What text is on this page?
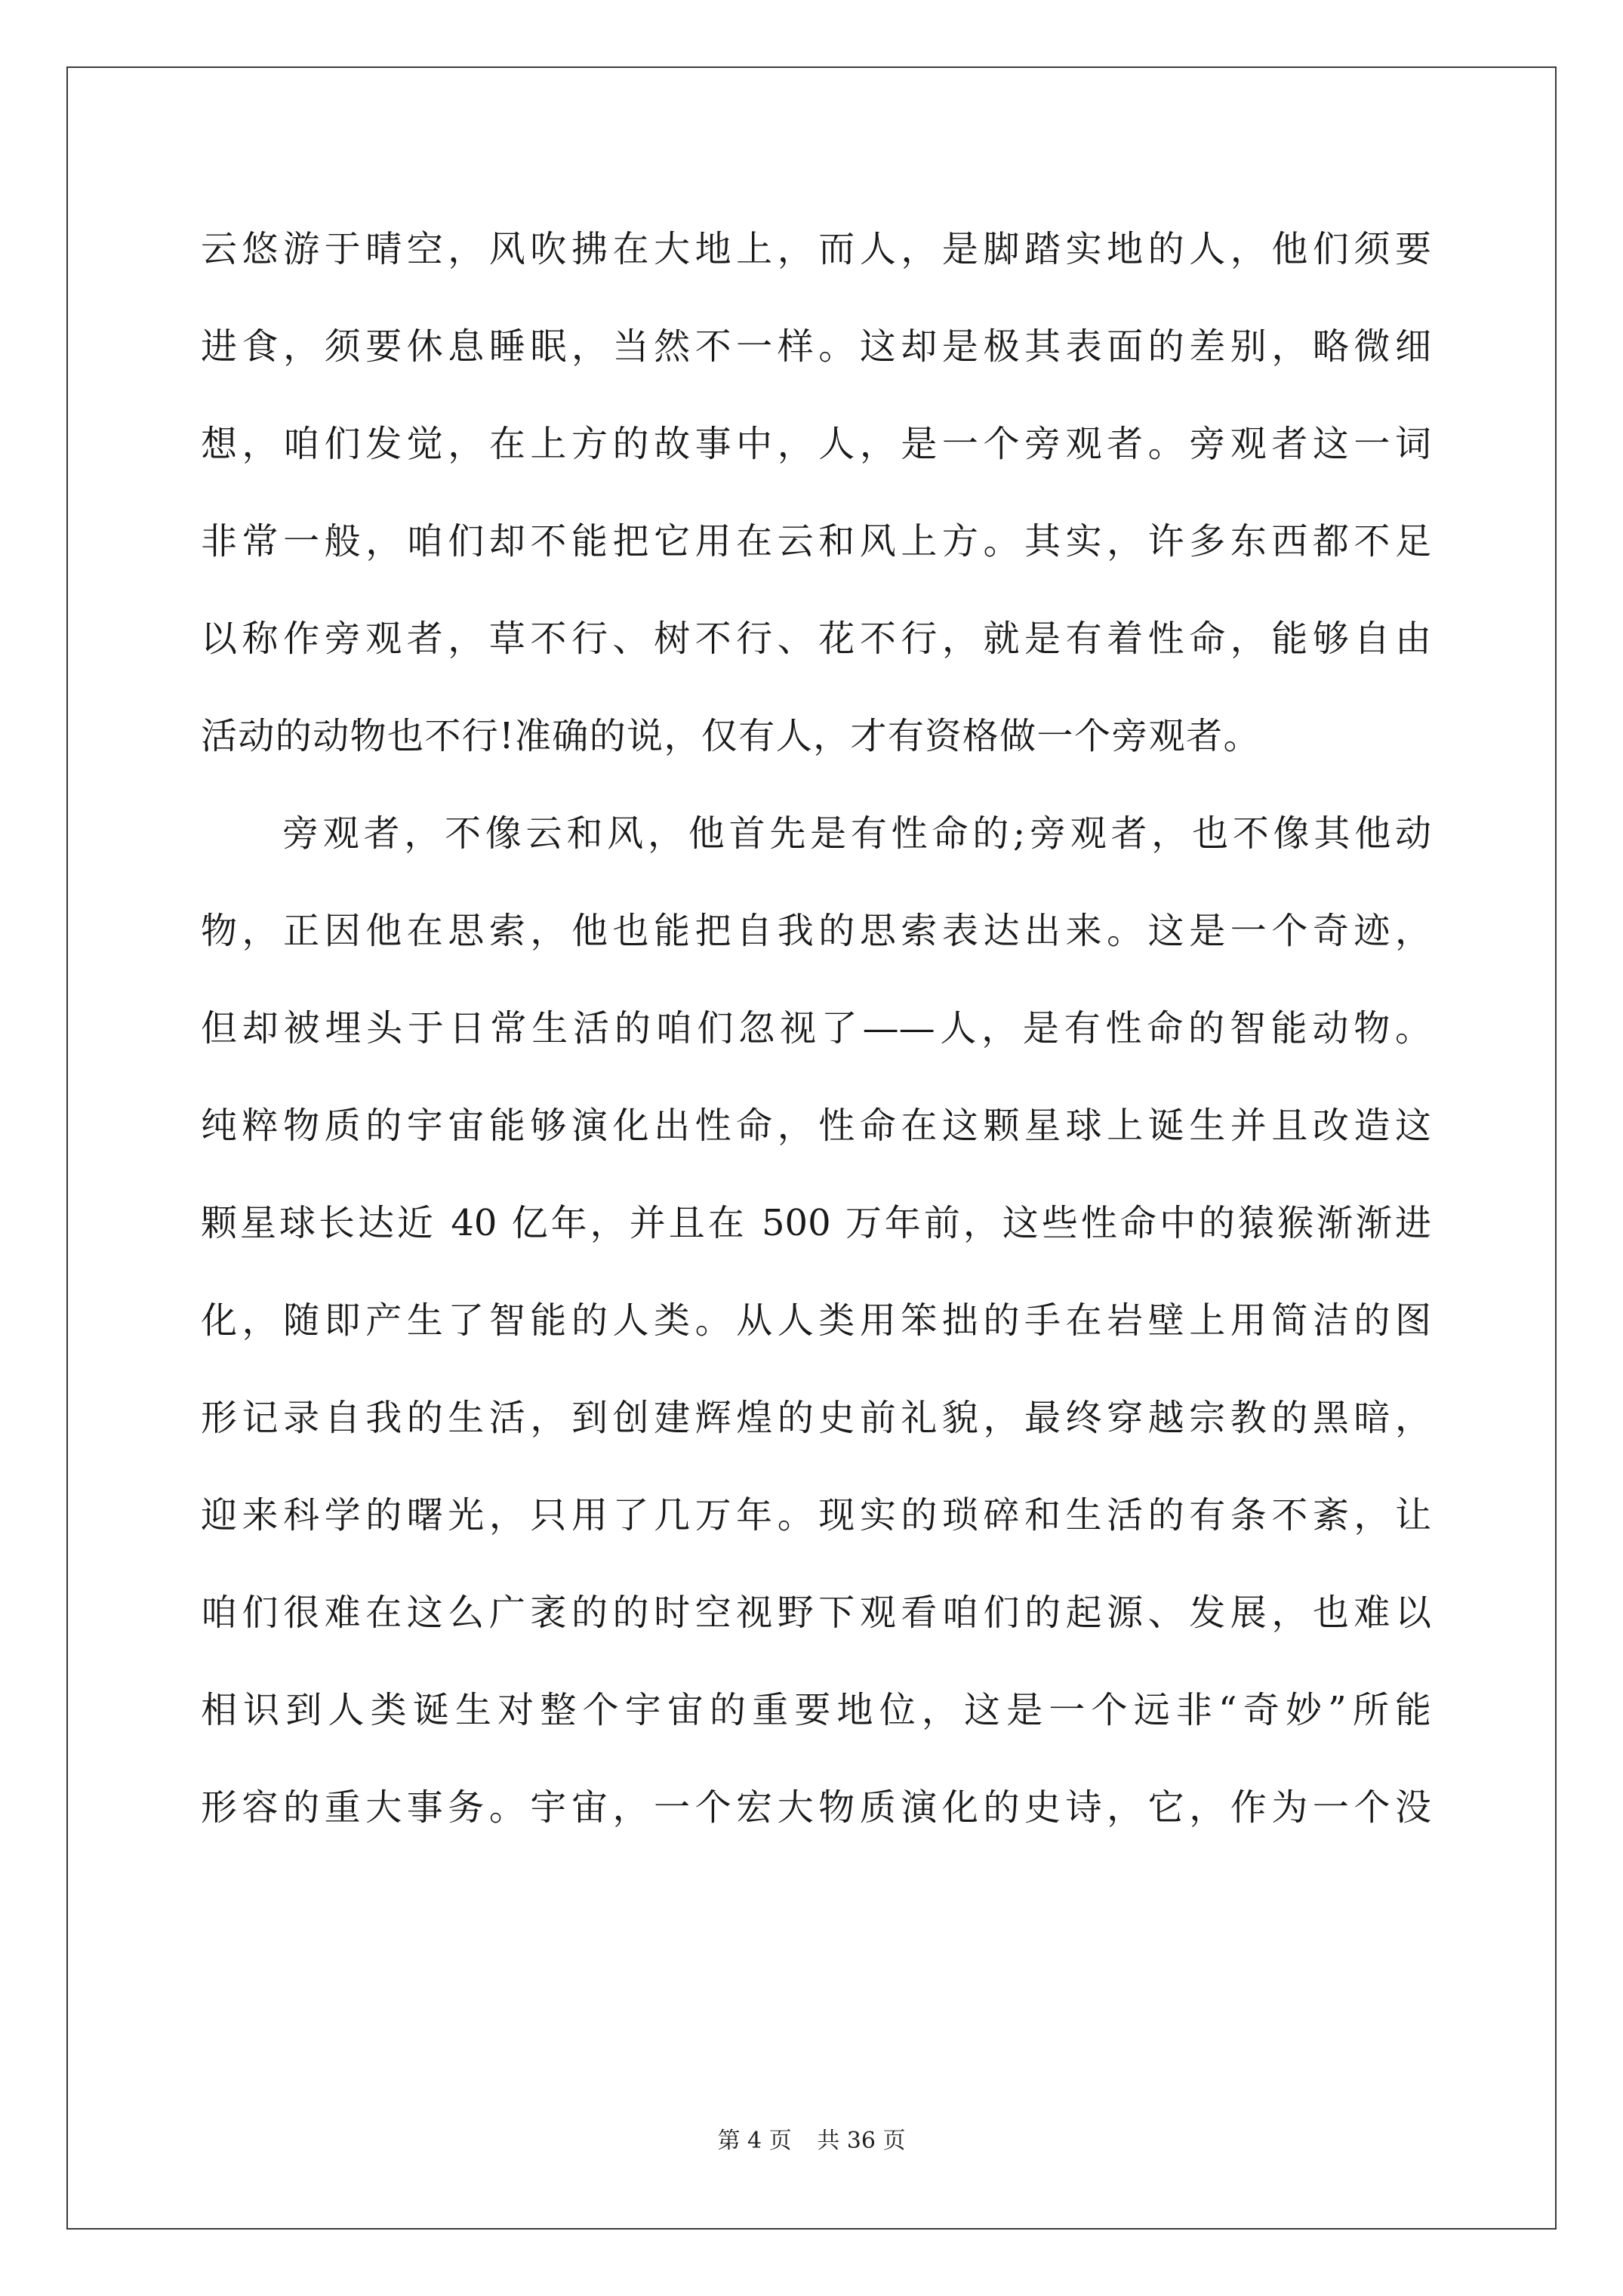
云悠游于晴空，风吹拂在大地上，而人，是脚踏实地的人，他们须要
进食，须要休息睡眠，当然不一样。这却是极其表面的差别，略微细
想，咱们发觉，在上方的故事中，人，是一个旁观者。旁观者这一词
非常一般，咱们却不能把它用在云和风上方。其实，许多东西都不足
以称作旁观者，草不行、树不行、花不行，就是有着性命，能够自由
活动的动物也不行!准确的说，仅有人，才有资格做一个旁观者。
旁观者，不像云和风，他首先是有性命的;旁观者，也不像其他动
物，正因他在思索，他也能把自我的思索表达出来。这是一个奇迹，
但却被埋头于日常生活的咱们忽视了——人，是有性命的智能动物。
纯粹物质的宇宙能够演化出性命，性命在这颗星球上诞生并且改造这
颗星球长达近 40 亿年，并且在 500 万年前，这些性命中的猿猴渐渐进
化，随即产生了智能的人类。从人类用笨拙的手在岩壁上用简洁的图
形记录自我的生活，到创建辉煌的史前礼貌，最终穿越宗教的黑暗，
迎来科学的曙光，只用了几万年。现实的琐碎和生活的有条不紊，让
咱们很难在这么广袤的的时空视野下观看咱们的起源、发展，也难以
相识到人类诞生对整个宇宙的重要地位，这是一个远非“奇妙”所能
形容的重大事务。宇宙，一个宏大物质演化的史诗，它，作为一个没
第 4 页 共 36 页
